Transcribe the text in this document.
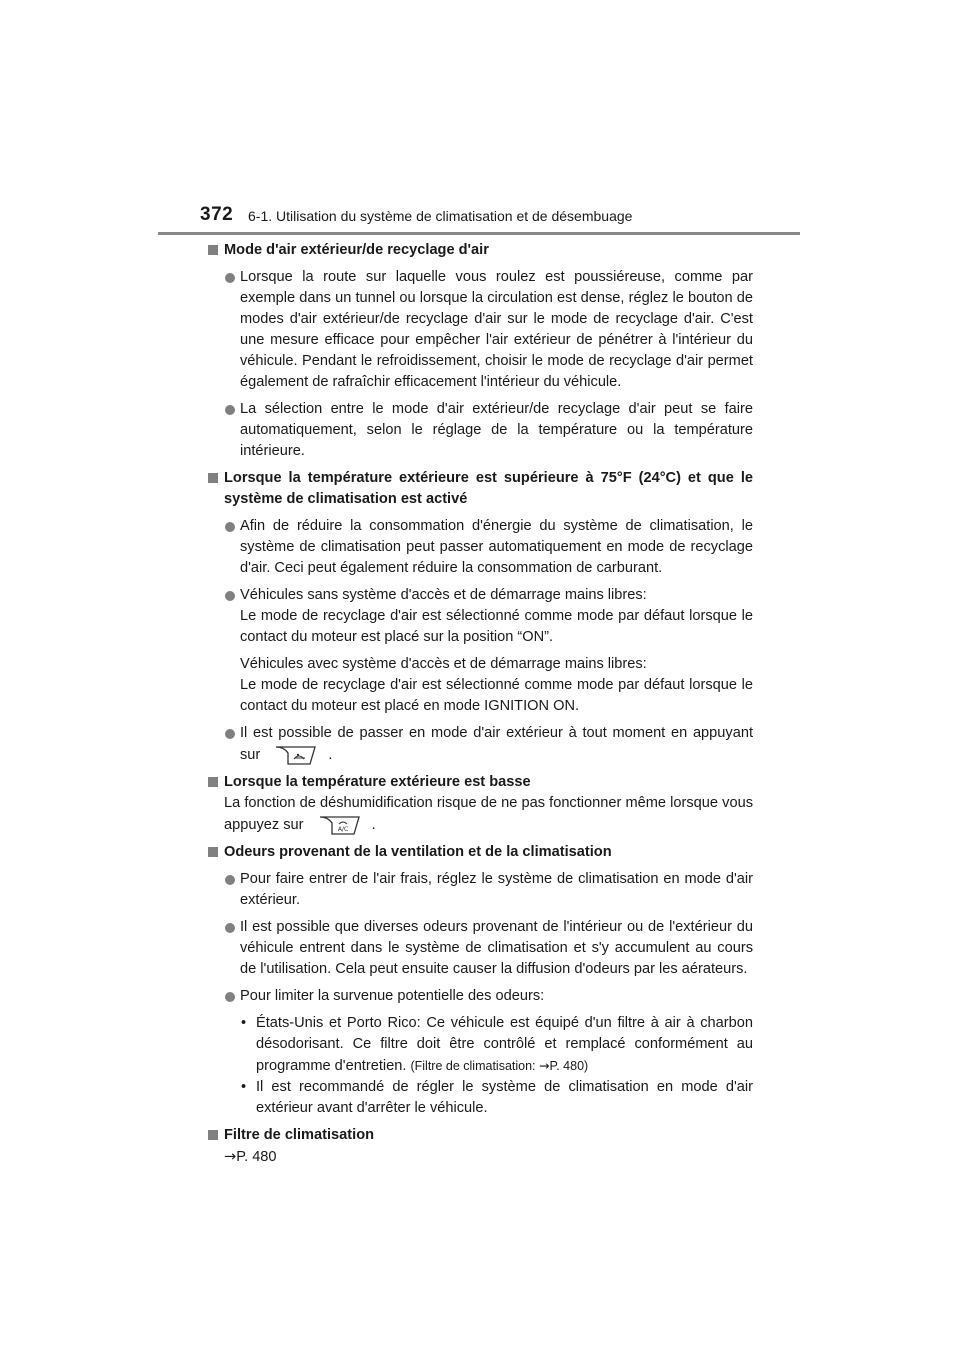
372 6-1. Utilisation du système de climatisation et de désembuage
Mode d'air extérieur/de recyclage d'air
Lorsque la route sur laquelle vous roulez est poussiéreuse, comme par exemple dans un tunnel ou lorsque la circulation est dense, réglez le bouton de modes d'air extérieur/de recyclage d'air sur le mode de recyclage d'air. C'est une mesure efficace pour empêcher l'air extérieur de pénétrer à l'intérieur du véhicule. Pendant le refroidissement, choisir le mode de recyclage d'air permet également de rafraîchir efficacement l'intérieur du véhicule.
La sélection entre le mode d'air extérieur/de recyclage d'air peut se faire automatiquement, selon le réglage de la température ou la température intérieure.
Lorsque la température extérieure est supérieure à 75°F (24°C) et que le système de climatisation est activé
Afin de réduire la consommation d'énergie du système de climatisation, le système de climatisation peut passer automatiquement en mode de recyclage d'air. Ceci peut également réduire la consommation de carburant.
Véhicules sans système d'accès et de démarrage mains libres:
Le mode de recyclage d'air est sélectionné comme mode par défaut lorsque le contact du moteur est placé sur la position “ON”.
Véhicules avec système d'accès et de démarrage mains libres:
Le mode de recyclage d'air est sélectionné comme mode par défaut lorsque le contact du moteur est placé en mode IGNITION ON.
Il est possible de passer en mode d'air extérieur à tout moment en appuyant sur	.
Lorsque la température extérieure est basse
La fonction de déshumidification risque de ne pas fonctionner même lorsque vous appuyez sur	A/C .
Odeurs provenant de la ventilation et de la climatisation
Pour faire entrer de l'air frais, réglez le système de climatisation en mode d'air extérieur.
Il est possible que diverses odeurs provenant de l'intérieur ou de l'extérieur du véhicule entrent dans le système de climatisation et s'y accumulent au cours de l'utilisation. Cela peut ensuite causer la diffusion d'odeurs par les aérateurs.
Pour limiter la survenue potentielle des odeurs:
• États-Unis et Porto Rico: Ce véhicule est équipé d'un filtre à air à charbon désodorisant. Ce filtre doit être contrôlé et remplacé conformément au programme d'entretien. (Filtre de climatisation: →P. 480)
• Il est recommandé de régler le système de climatisation en mode d'air extérieur avant d'arrêter le véhicule.
Filtre de climatisation
→P. 480
